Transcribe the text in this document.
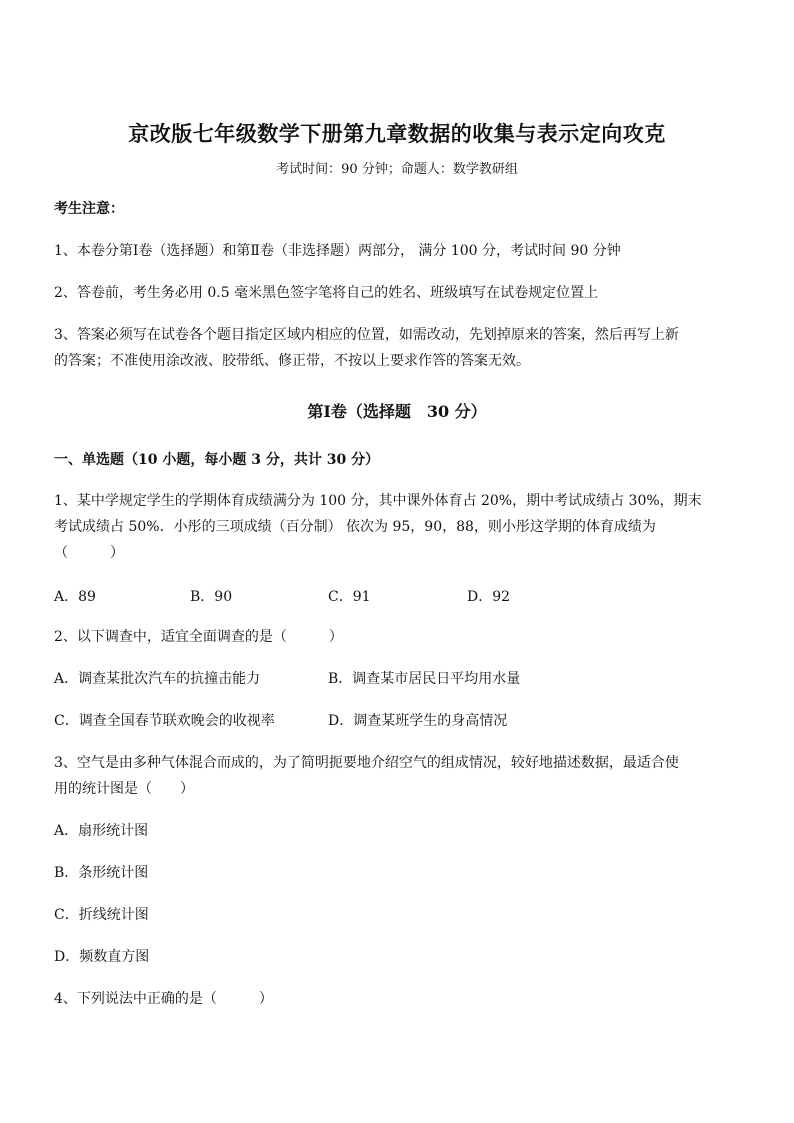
京改版七年级数学下册第九章数据的收集与表示定向攻克
考试时间：90 分钟；命题人：数学教研组
考生注意：
1、本卷分第Ⅰ卷（选择题）和第Ⅱ卷（非选择题）两部分， 满分 100 分，考试时间 90 分钟
2、答卷前，考生务必用 0.5 毫米黑色签字笔将自己的姓名、班级填写在试卷规定位置上
3、答案必须写在试卷各个题目指定区域内相应的位置，如需改动，先划掉原来的答案，然后再写上新
的答案；不准使用涂改液、胶带纸、修正带，不按以上要求作答的答案无效。
第Ⅰ卷（选择题　30 分）
一、单选题（10 小题，每小题 3 分，共计 30 分）
1、某中学规定学生的学期体育成绩满分为 100 分，其中课外体育占 20%，期中考试成绩占 30%，期末
考试成绩占 50%．小彤的三项成绩（百分制） 依次为 95，90，88，则小彤这学期的体育成绩为
（　　　）
A．89	B．90	C．91	D．92
2、以下调查中，适宜全面调查的是（　　　）
A．调查某批次汽车的抗撞击能力	B．调查某市居民日平均用水量
C．调查全国春节联欢晚会的收视率	D．调查某班学生的身高情况
3、空气是由多种气体混合而成的，为了简明扼要地介绍空气的组成情况，较好地描述数据，最适合使
用的统计图是（　　）
A．扇形统计图
B．条形统计图
C．折线统计图
D．频数直方图
4、下列说法中正确的是（　　　）
